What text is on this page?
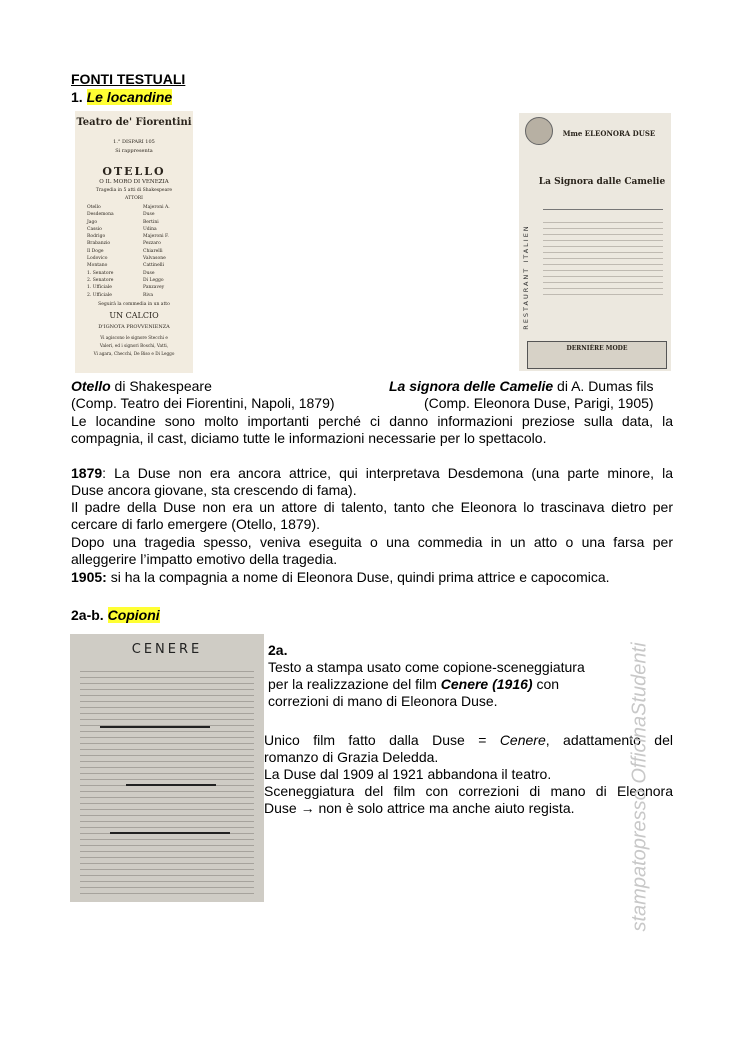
FONTI TESTUALI
1. Le locandine
Teatro de' Fiorentini
1.° DISPARI 105
Si rappresenta
OTELLO
O IL MORO DI VENEZIA
Tragedia in 5 atti di Shakespeare
ATTORI
Otello	Majeroni A.
Desdemona	Duse
Jago	Bertini
Cassio	Udina
Rodrigo	Majeroni F.
Brabanzio	Pezzaro
Il Doge	Chiarelli
Lodovico	Valvasone
Montano	Cattinelli
1. Senatore	Duse
2. Senatore	Di Leggo
1. Ufficiale	Panzavey
2. Ufficiale	Riva
Seguirà la commedia in un atto
UN CALCIO
D'IGNOTA PROVVENIENZA
Vi agiscono le signore Stecchi e
Valeri, ed i signori Boschi, Vatti,
Vi agara, Checchi, De Biso e Di Leggo
Mme ELEONORA DUSE
La Signora dalle Camelie
RESTAURANT ITALIEN
DERNIÈRE MODE
Otello di Shakespeare	La signora delle Camelie di A. Dumas fils
(Comp. Teatro dei Fiorentini, Napoli, 1879)	(Comp. Eleonora Duse, Parigi, 1905)
Le locandine sono molto importanti perché ci danno informazioni preziose sulla data, la
compagnia, il cast, diciamo tutte le informazioni necessarie per lo spettacolo.
1879: La Duse non era ancora attrice, qui interpretava Desdemona (una parte minore, la
Duse ancora giovane, sta crescendo di fama).
Il padre della Duse non era un attore di talento, tanto che Eleonora lo trascinava dietro per
cercare di farlo emergere (Otello, 1879).
Dopo una tragedia spesso, veniva eseguita o una commedia in un atto o una farsa per
alleggerire l’impatto emotivo della tragedia.
1905: si ha la compagnia a nome di Eleonora Duse, quindi prima attrice e capocomica.
2a-b. Copioni
CENERE	2a.
Testo a stampa usato come copione-sceneggiatura
per la realizzazione del film Cenere (1916) con
correzioni di mano di Eleonora Duse.
Unico film fatto dalla Duse = Cenere, adattamento del
romanzo di Grazia Deledda.
La Duse dal 1909 al 1921 abbandona il teatro.
Sceneggiatura del film con correzioni di mano di Eleonora
Duse → non è solo attrice ma anche aiuto regista.	stampatopresso OfficinaStudenti
